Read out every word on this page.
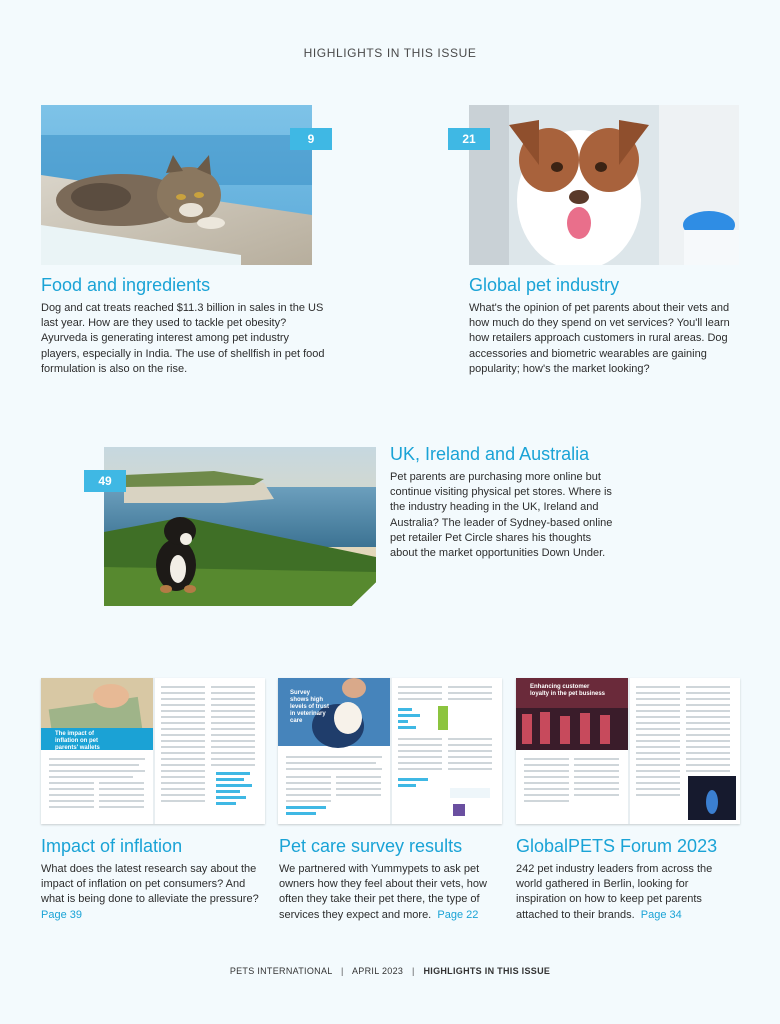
HIGHLIGHTS IN THIS ISSUE
9
Food and ingredients
Dog and cat treats reached $11.3 billion in sales in the US last year. How are they used to tackle pet obesity? Ayurveda is generating interest among pet industry players, especially in India. The use of shellfish in pet food formulation is also on the rise.
21
Global pet industry
What's the opinion of pet parents about their vets and how much do they spend on vet services? You'll learn how retailers approach customers in rural areas. Dog accessories and biometric wearables are gaining popularity; how's the market looking?
49
UK, Ireland and Australia
Pet parents are purchasing more online but continue visiting physical pet stores. Where is the industry heading in the UK, Ireland and Australia? The leader of Sydney-based online pet retailer Pet Circle shares his thoughts about the market opportunities Down Under.
The impact of inflation on pet parents' wallets
Survey shows high levels of trust in veterinary care
Enhancing customer loyalty in the pet business
Impact of inflation
What does the latest research say about the impact of inflation on pet consumers? And what is being done to alleviate the pressure?  Page 39
Pet care survey results
We partnered with Yummypets to ask pet owners how they feel about their vets, how often they take their pet there, the type of services they expect and more. Page 22
GlobalPETS Forum 2023
242 pet industry leaders from across the world gathered in Berlin, looking for inspiration on how to keep pet parents attached to their brands. Page 34
PETS INTERNATIONAL | APRIL 2023 | HIGHLIGHTS IN THIS ISSUE
